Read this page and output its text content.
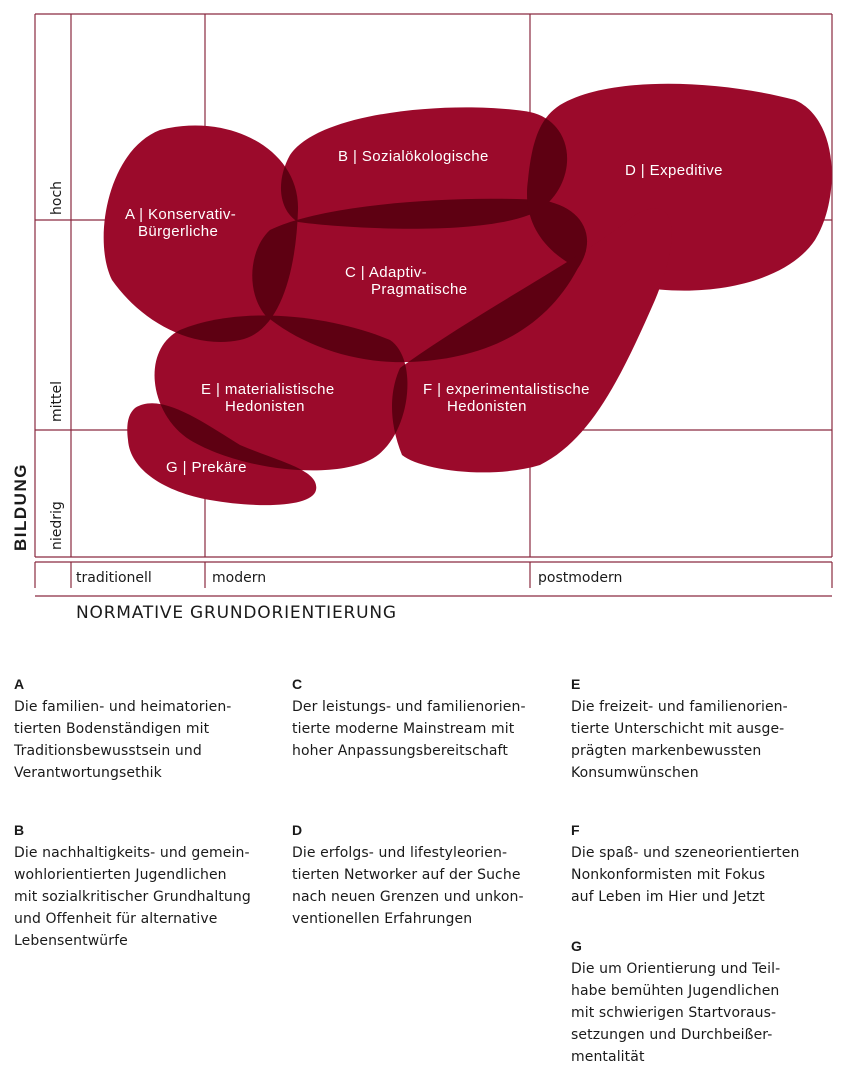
A | Konservativ-Bürgerliche
B | Sozialökologische
C | Adaptiv-Pragmatische
D | Expeditive
E | materialistische Hedonisten
F | experimentalistische Hedonisten
G | Prekäre
hoch
mittel
niedrig
traditionell	modern	postmodern
BILDUNG
NORMATIVE GRUNDORIENTIERUNG
A
Die familien- und heimatorien-
tierten Bodenständigen mit
Traditionsbewusstsein und
Verantwortungsethik
B
Die nachhaltigkeits- und gemein-
wohlorientierten Jugendlichen
mit sozialkritischer Grundhaltung
und Offenheit für alternative
Lebensentwürfe
C
Der leistungs- und familienorien-
tierte moderne Mainstream mit
hoher Anpassungsbereitschaft
D
Die erfolgs- und lifestyleorien-
tierten Networker auf der Suche
nach neuen Grenzen und unkon-
ventionellen Erfahrungen
E
Die freizeit- und familienorien-
tierte Unterschicht mit ausge-
prägten markenbewussten
Konsumwünschen
F
Die spaß- und szeneorientierten
Nonkonformisten mit Fokus
auf Leben im Hier und Jetzt
G
Die um Orientierung und Teil-
habe bemühten Jugendlichen
mit schwierigen Startvoraus-
setzungen und Durchbeißer-
mentalität
